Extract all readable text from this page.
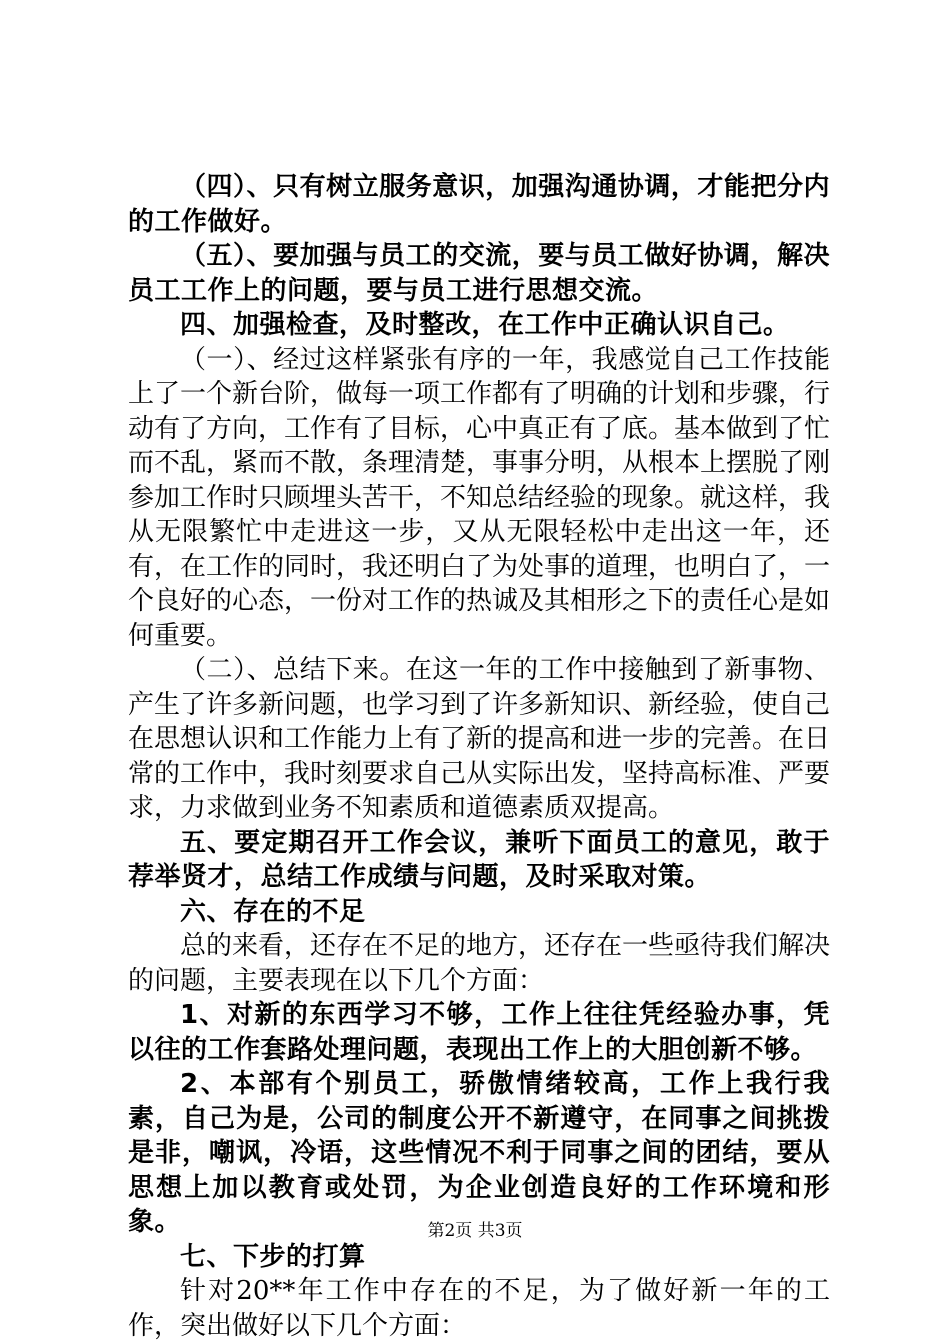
（四）、只有树立服务意识，加强沟通协调，才能把分内的工作做好。

（五）、要加强与员工的交流，要与员工做好协调，解决员工工作上的问题，要与员工进行思想交流。

四、加强检查，及时整改，在工作中正确认识自己。

（一）、经过这样紧张有序的一年，我感觉自己工作技能上了一个新台阶，做每一项工作都有了明确的计划和步骤，行动有了方向，工作有了目标，心中真正有了底。基本做到了忙而不乱，紧而不散，条理清楚，事事分明，从根本上摆脱了刚参加工作时只顾埋头苦干，不知总结经验的现象。就这样，我从无限繁忙中走进这一步，又从无限轻松中走出这一年，还有，在工作的同时，我还明白了为处事的道理，也明白了，一个良好的心态，一份对工作的热诚及其相形之下的责任心是如何重要。

（二）、总结下来。在这一年的工作中接触到了新事物、产生了许多新问题，也学习到了许多新知识、新经验，使自己在思想认识和工作能力上有了新的提高和进一步的完善。在日常的工作中，我时刻要求自己从实际出发，坚持高标准、严要求，力求做到业务不知素质和道德素质双提高。

五、要定期召开工作会议，兼听下面员工的意见，敢于荐举贤才，总结工作成绩与问题，及时采取对策。

六、存在的不足

总的来看，还存在不足的地方，还存在一些亟待我们解决的问题，主要表现在以下几个方面：

1、对新的东西学习不够，工作上往往凭经验办事，凭以往的工作套路处理问题，表现出工作上的大胆创新不够。

2、本部有个别员工，骄傲情绪较高，工作上我行我素，自己为是，公司的制度公开不新遵守，在同事之间挑拨是非，嘲讽，冷语，这些情况不利于同事之间的团结，要从思想上加以教育或处罚，为企业创造良好的工作环境和形象。

七、下步的打算

针对20**年工作中存在的不足，为了做好新一年的工作，突出做好以下几个方面：

第2页 共3页
